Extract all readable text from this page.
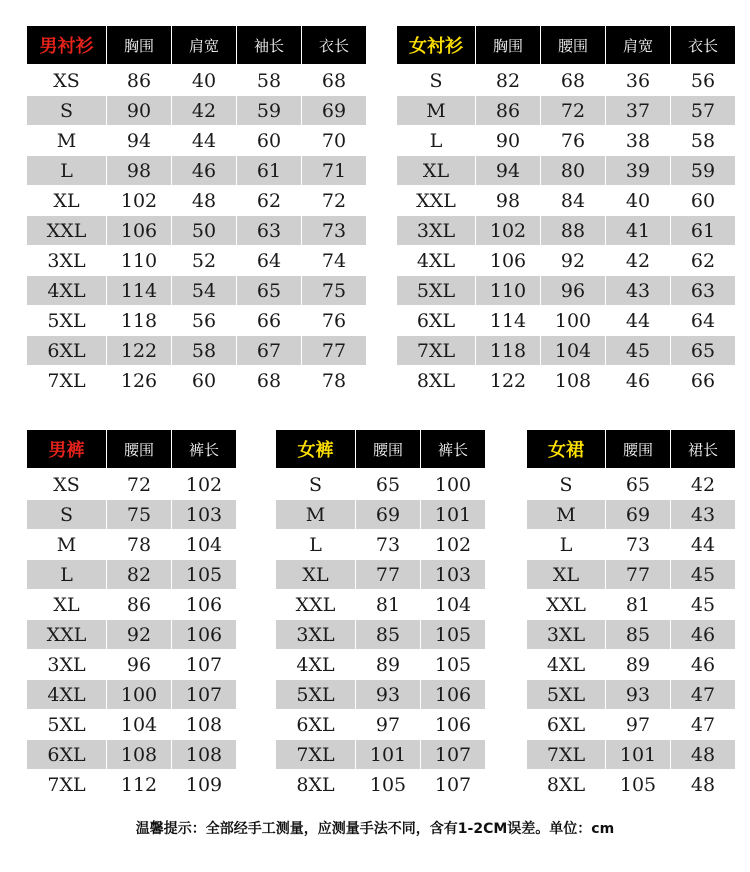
男衬衫	胸围	肩宽	袖长	衣长
XS	86	40	58	68
S	90	42	59	69
M	94	44	60	70
L	98	46	61	71
XL	102	48	62	72
XXL	106	50	63	73
3XL	110	52	64	74
4XL	114	54	65	75
5XL	118	56	66	76
6XL	122	58	67	77
7XL	126	60	68	78
女衬衫	胸围	腰围	肩宽	衣长
S	82	68	36	56
M	86	72	37	57
L	90	76	38	58
XL	94	80	39	59
XXL	98	84	40	60
3XL	102	88	41	61
4XL	106	92	42	62
5XL	110	96	43	63
6XL	114	100	44	64
7XL	118	104	45	65
8XL	122	108	46	66
男裤	腰围	裤长
XS	72	102
S	75	103
M	78	104
L	82	105
XL	86	106
XXL	92	106
3XL	96	107
4XL	100	107
5XL	104	108
6XL	108	108
7XL	112	109
女裤	腰围	裤长
S	65	100
M	69	101
L	73	102
XL	77	103
XXL	81	104
3XL	85	105
4XL	89	105
5XL	93	106
6XL	97	106
7XL	101	107
8XL	105	107
女裙	腰围	裙长
S	65	42
M	69	43
L	73	44
XL	77	45
XXL	81	45
3XL	85	46
4XL	89	46
5XL	93	47
6XL	97	47
7XL	101	48
8XL	105	48
温馨提示：全部经手工测量，应测量手法不同，含有1-2CM误差。单位：cm
